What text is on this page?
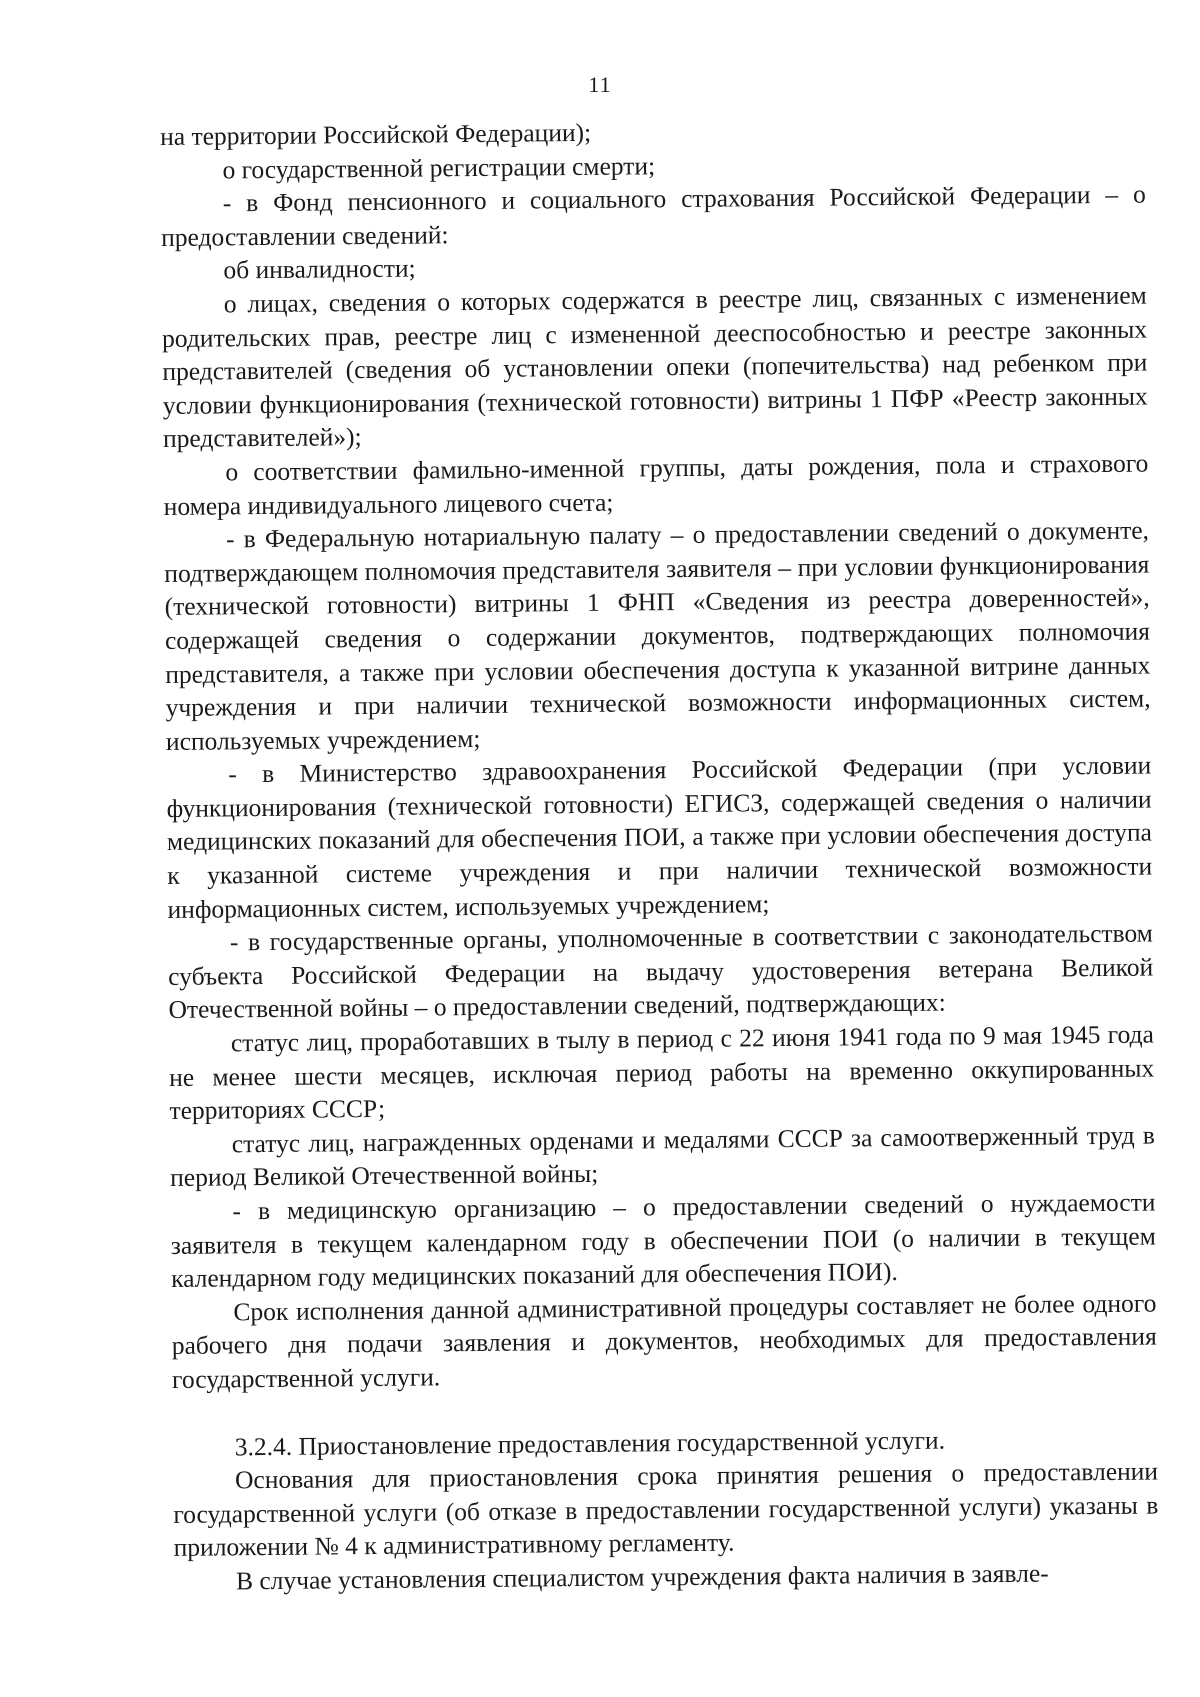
11

на территории Российской Федерации);

о государственной регистрации смерти;

- в Фонд пенсионного и социального страхования Российской Федерации – о предоставлении сведений:

об инвалидности;

о лицах, сведения о которых содержатся в реестре лиц, связанных с изменением родительских прав, реестре лиц с измененной дееспособностью и реестре законных представителей (сведения об установлении опеки (попечительства) над ребенком при условии функционирования (технической готовности) витрины 1 ПФР «Реестр законных представителей»);

о соответствии фамильно-именной группы, даты рождения, пола и страхового номера индивидуального лицевого счета;

- в Федеральную нотариальную палату – о предоставлении сведений о документе, подтверждающем полномочия представителя заявителя – при условии функционирования (технической готовности) витрины 1 ФНП «Сведения из реестра доверенностей», содержащей сведения о содержании документов, подтверждающих полномочия представителя, а также при условии обеспечения доступа к указанной витрине данных учреждения и при наличии технической возможности информационных систем, используемых учреждением;

- в Министерство здравоохранения Российской Федерации (при условии функционирования (технической готовности) ЕГИСЗ, содержащей сведения о наличии медицинских показаний для обеспечения ПОИ, а также при условии обеспечения доступа к указанной системе учреждения и при наличии технической возможности информационных систем, используемых учреждением;

- в государственные органы, уполномоченные в соответствии с законодательством субъекта Российской Федерации на выдачу удостоверения ветерана Великой Отечественной войны – о предоставлении сведений, подтверждающих:

статус лиц, проработавших в тылу в период с 22 июня 1941 года по 9 мая 1945 года не менее шести месяцев, исключая период работы на временно оккупированных территориях СССР;

статус лиц, награжденных орденами и медалями СССР за самоотверженный труд в период Великой Отечественной войны;

- в медицинскую организацию – о предоставлении сведений о нуждаемости заявителя в текущем календарном году в обеспечении ПОИ (о наличии в текущем календарном году медицинских показаний для обеспечения ПОИ).

Срок исполнения данной административной процедуры составляет не более одного рабочего дня подачи заявления и документов, необходимых для предоставления государственной услуги.

3.2.4. Приостановление предоставления государственной услуги.

Основания для приостановления срока принятия решения о предоставлении государственной услуги (об отказе в предоставлении государственной услуги) указаны в приложении № 4 к административному регламенту.

В случае установления специалистом учреждения факта наличия в заявле-
